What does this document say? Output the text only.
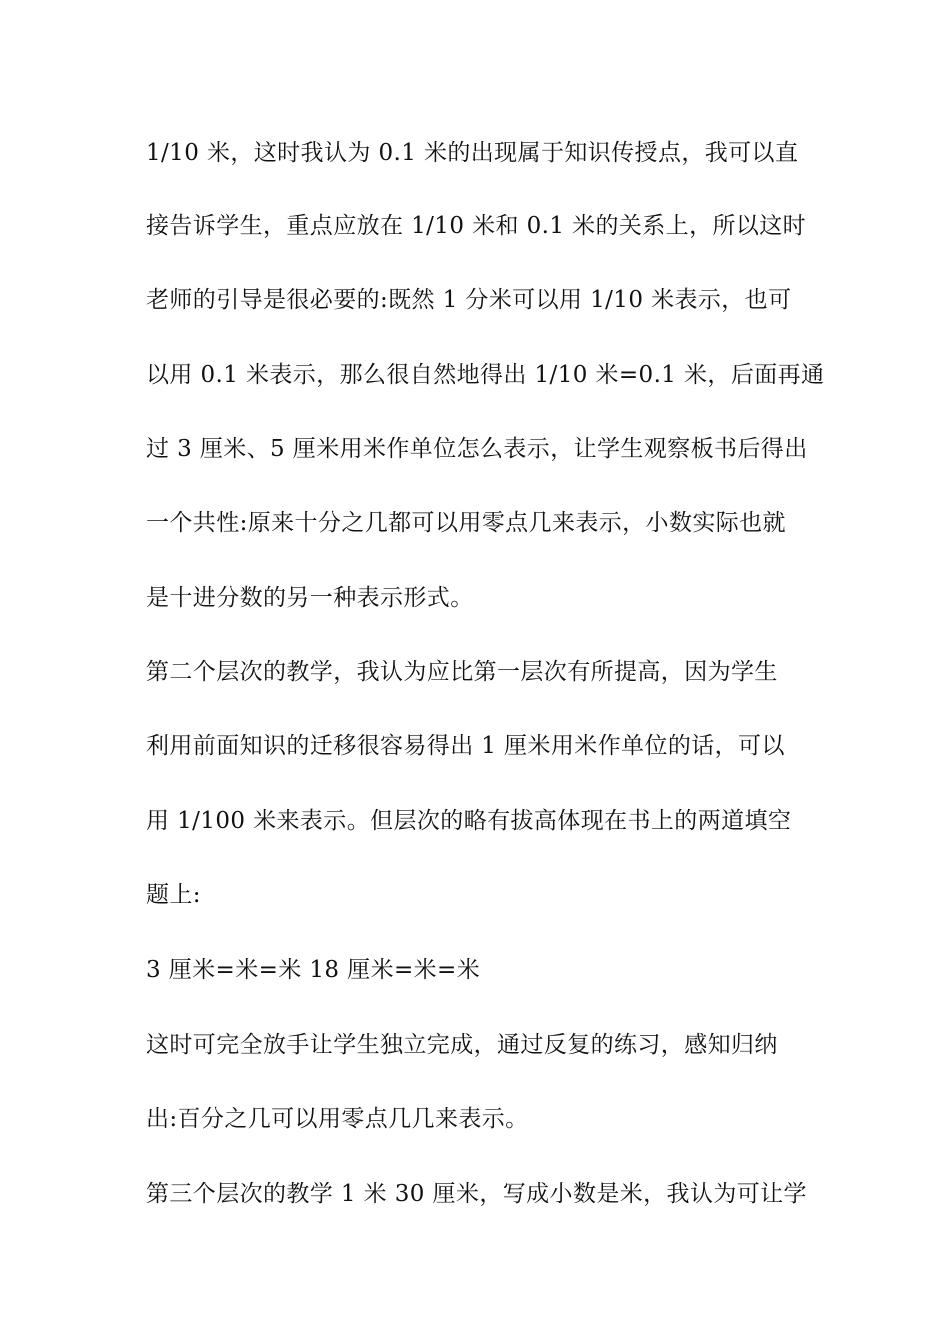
1/10 米，这时我认为 0.1 米的出现属于知识传授点，我可以直
接告诉学生，重点应放在 1/10 米和 0.1 米的关系上，所以这时
老师的引导是很必要的:既然 1 分米可以用 1/10 米表示，也可
以用 0.1 米表示，那么很自然地得出 1/10 米=0.1 米，后面再通
过 3 厘米、5 厘米用米作单位怎么表示，让学生观察板书后得出
一个共性:原来十分之几都可以用零点几来表示，小数实际也就
是十进分数的另一种表示形式。
第二个层次的教学，我认为应比第一层次有所提高，因为学生
利用前面知识的迁移很容易得出 1 厘米用米作单位的话，可以
用 1/100 米来表示。但层次的略有拔高体现在书上的两道填空
题上:
3 厘米=米=米 18 厘米=米=米
这时可完全放手让学生独立完成，通过反复的练习，感知归纳
出:百分之几可以用零点几几来表示。
第三个层次的教学 1 米 30 厘米，写成小数是米，我认为可让学
